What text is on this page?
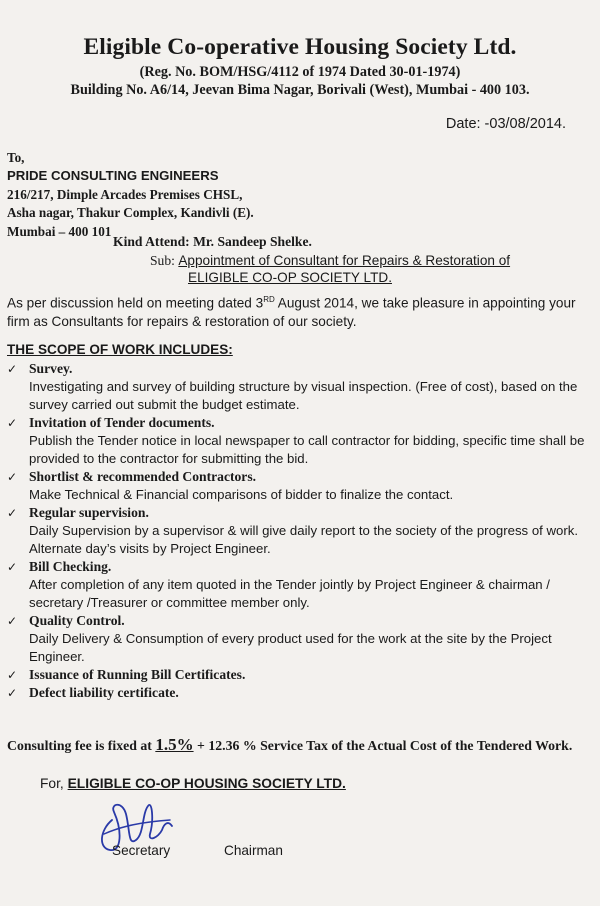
Eligible Co-operative Housing Society Ltd.
(Reg. No. BOM/HSG/4112 of 1974 Dated 30-01-1974)
Building No. A6/14, Jeevan Bima Nagar, Borivali (West), Mumbai - 400 103.
Date: -03/08/2014.
To,
PRIDE CONSULTING ENGINEERS
216/217, Dimple Arcades Premises CHSL,
Asha nagar, Thakur Complex, Kandivli (E).
Mumbai – 400 101
Kind Attend: Mr. Sandeep Shelke.
Sub: Appointment of Consultant for Repairs & Restoration of
ELIGIBLE CO-OP SOCIETY LTD.
As per discussion held on meeting dated 3RD August 2014, we take pleasure in appointing your firm as Consultants for repairs & restoration of our society.
THE SCOPE OF WORK INCLUDES:
✓ Survey.
Investigating and survey of building structure by visual inspection. (Free of cost), based on the survey carried out submit the budget estimate.
✓ Invitation of Tender documents.
Publish the Tender notice in local newspaper to call contractor for bidding, specific time shall be provided to the contractor for submitting the bid.
✓ Shortlist & recommended Contractors.
Make Technical & Financial comparisons of bidder to finalize the contact.
✓ Regular supervision.
Daily Supervision by a supervisor & will give daily report to the society of the progress of work.
Alternate day’s visits by Project Engineer.
✓ Bill Checking.
After completion of any item quoted in the Tender jointly by Project Engineer & chairman / secretary /Treasurer or committee member only.
✓ Quality Control.
Daily Delivery & Consumption of every product used for the work at the site by the Project Engineer.
✓ Issuance of Running Bill Certificates.
✓ Defect liability certificate.
Consulting fee is fixed at 1.5% + 12.36 % Service Tax of the Actual Cost of the Tendered Work.
For, ELIGIBLE CO-OP HOUSING SOCIETY LTD.
Secretary	Chairman
